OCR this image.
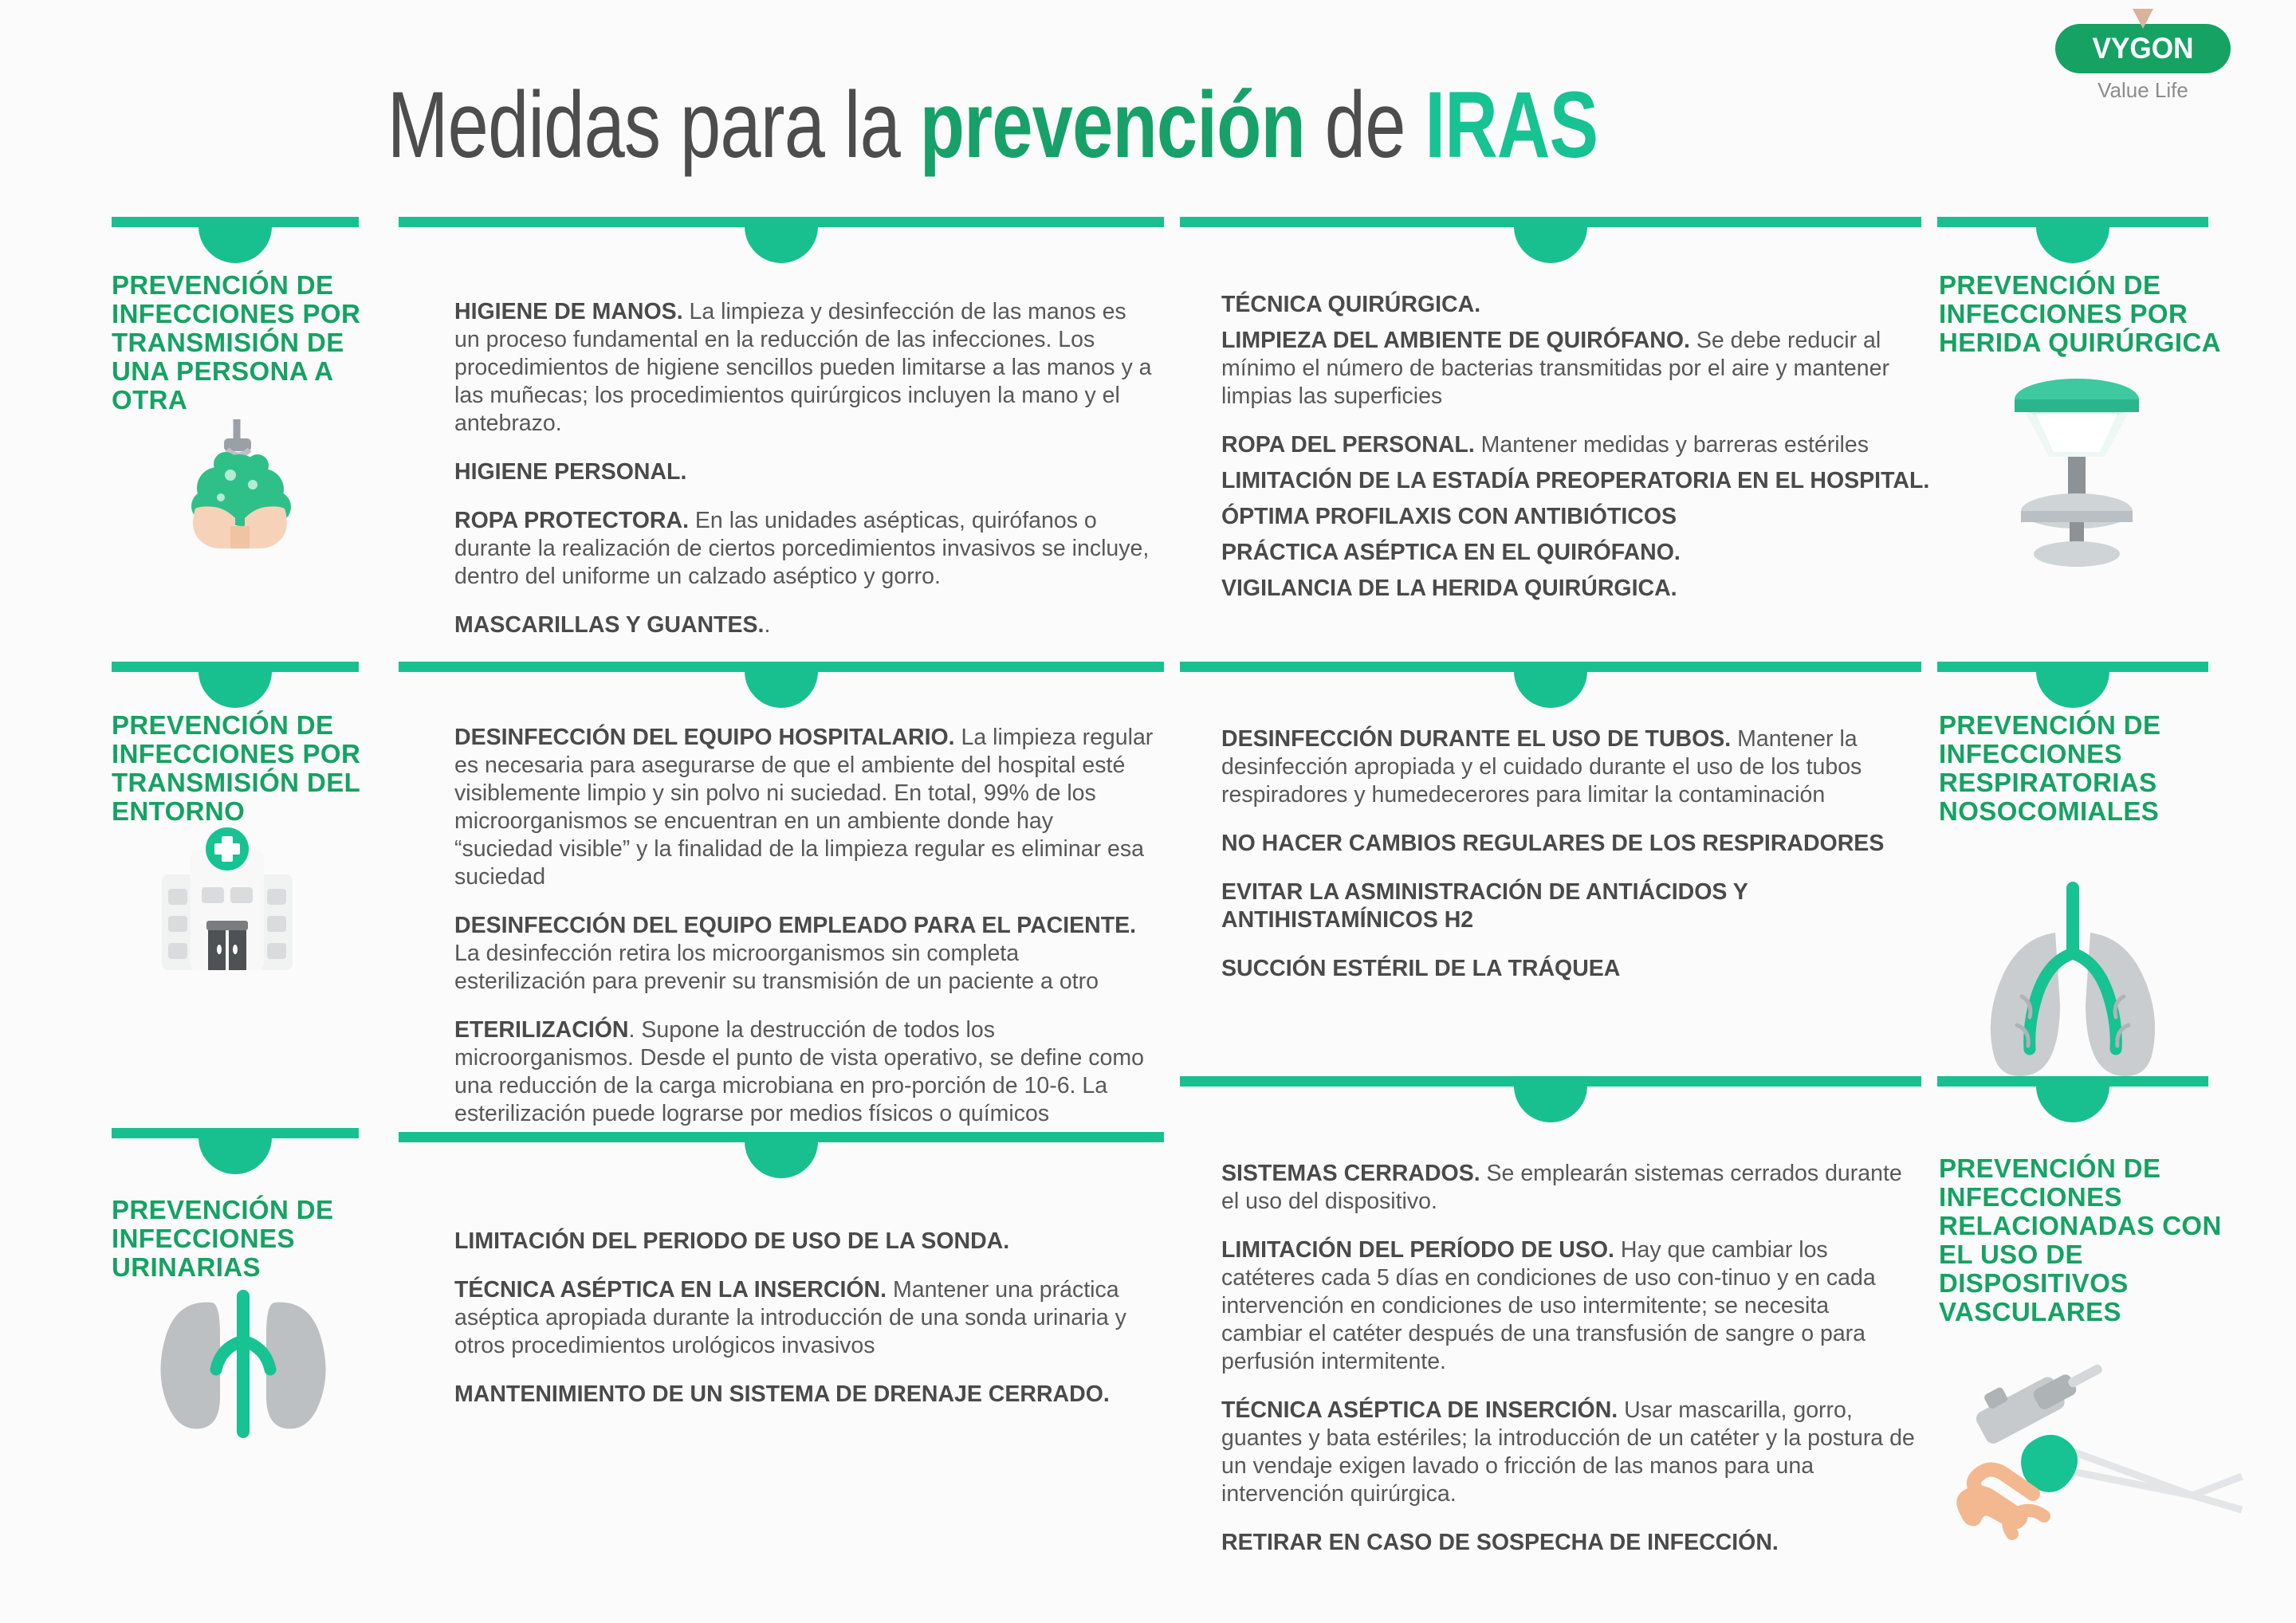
Medidas para la prevención de IRAS
VYGON
Value Life
PREVENCIÓN DE INFECCIONES POR TRANSMISIÓN DE UNA PERSONA A OTRA

HIGIENE DE MANOS. La limpieza y desinfección de las manos es un proceso fundamental en la reducción de las infecciones. Los procedimientos de higiene sencillos pueden limitarse a las manos y a las muñecas; los procedimientos quirúrgicos incluyen la mano y el antebrazo.

HIGIENE PERSONAL.

ROPA PROTECTORA. En las unidades asépticas, quirófanos o durante la realización de ciertos porcedimientos invasivos se incluye, dentro del uniforme un calzado aséptico y gorro.

MASCARILLAS Y GUANTES..

TÉCNICA QUIRÚRGICA.

LIMPIEZA DEL AMBIENTE DE QUIRÓFANO. Se debe reducir al mínimo el número de bacterias transmitidas por el aire y mantener limpias las superficies

ROPA DEL PERSONAL. Mantener medidas y barreras estériles

LIMITACIÓN DE LA ESTADÍA PREOPERATORIA EN EL HOSPITAL.

ÓPTIMA PROFILAXIS CON ANTIBIÓTICOS

PRÁCTICA ASÉPTICA EN EL QUIRÓFANO.

VIGILANCIA DE LA HERIDA QUIRÚRGICA.

PREVENCIÓN DE INFECCIONES POR HERIDA QUIRÚRGICA
PREVENCIÓN DE INFECCIONES POR TRANSMISIÓN DEL ENTORNO

DESINFECCIÓN DEL EQUIPO HOSPITALARIO. La limpieza regular es necesaria para asegurarse de que el ambiente del hospital esté visiblemente limpio y sin polvo ni suciedad. En total, 99% de los microorganismos se encuentran en un ambiente donde hay “suciedad visible” y la finalidad de la limpieza regular es eliminar esa suciedad

DESINFECCIÓN DEL EQUIPO EMPLEADO PARA EL PACIENTE. La desinfección retira los microorganismos sin completa esterilización para prevenir su transmisión de un paciente a otro

ETERILIZACIÓN. Supone la destrucción de todos los microorganismos. Desde el punto de vista operativo, se define como una reducción de la carga microbiana en pro-porción de 10-6. La esterilización puede lograrse por medios físicos o químicos

DESINFECCIÓN DURANTE EL USO DE TUBOS. Mantener la desinfección apropiada y el cuidado durante el uso de los tubos respiradores y humedecerores para limitar la contaminación

NO HACER CAMBIOS REGULARES DE LOS RESPIRADORES

EVITAR LA ASMINISTRACIÓN DE ANTIÁCIDOS Y ANTIHISTAMÍNICOS H2

SUCCIÓN ESTÉRIL DE LA TRÁQUEA

PREVENCIÓN DE INFECCIONES RESPIRATORIAS NOSOCOMIALES
PREVENCIÓN DE INFECCIONES URINARIAS

LIMITACIÓN DEL PERIODO DE USO DE LA SONDA.

TÉCNICA ASÉPTICA EN LA INSERCIÓN. Mantener una práctica aséptica apropiada durante la introducción de una sonda urinaria y otros procedimientos urológicos invasivos

MANTENIMIENTO DE UN SISTEMA DE DRENAJE CERRADO.

SISTEMAS CERRADOS. Se emplearán sistemas cerrados durante el uso del dispositivo.

LIMITACIÓN DEL PERÍODO DE USO. Hay que cambiar los catéteres cada 5 días en condiciones de uso con-tinuo y en cada intervención en condiciones de uso intermitente; se necesita cambiar el catéter después de una transfusión de sangre o para perfusión intermitente.

TÉCNICA ASÉPTICA DE INSERCIÓN. Usar mascarilla, gorro, guantes y bata estériles; la introducción de un catéter y la postura de un vendaje exigen lavado o fricción de las manos para una intervención quirúrgica.

RETIRAR EN CASO DE SOSPECHA DE INFECCIÓN.

PREVENCIÓN DE INFECCIONES RELACIONADAS CON EL USO DE DISPOSITIVOS VASCULARES
